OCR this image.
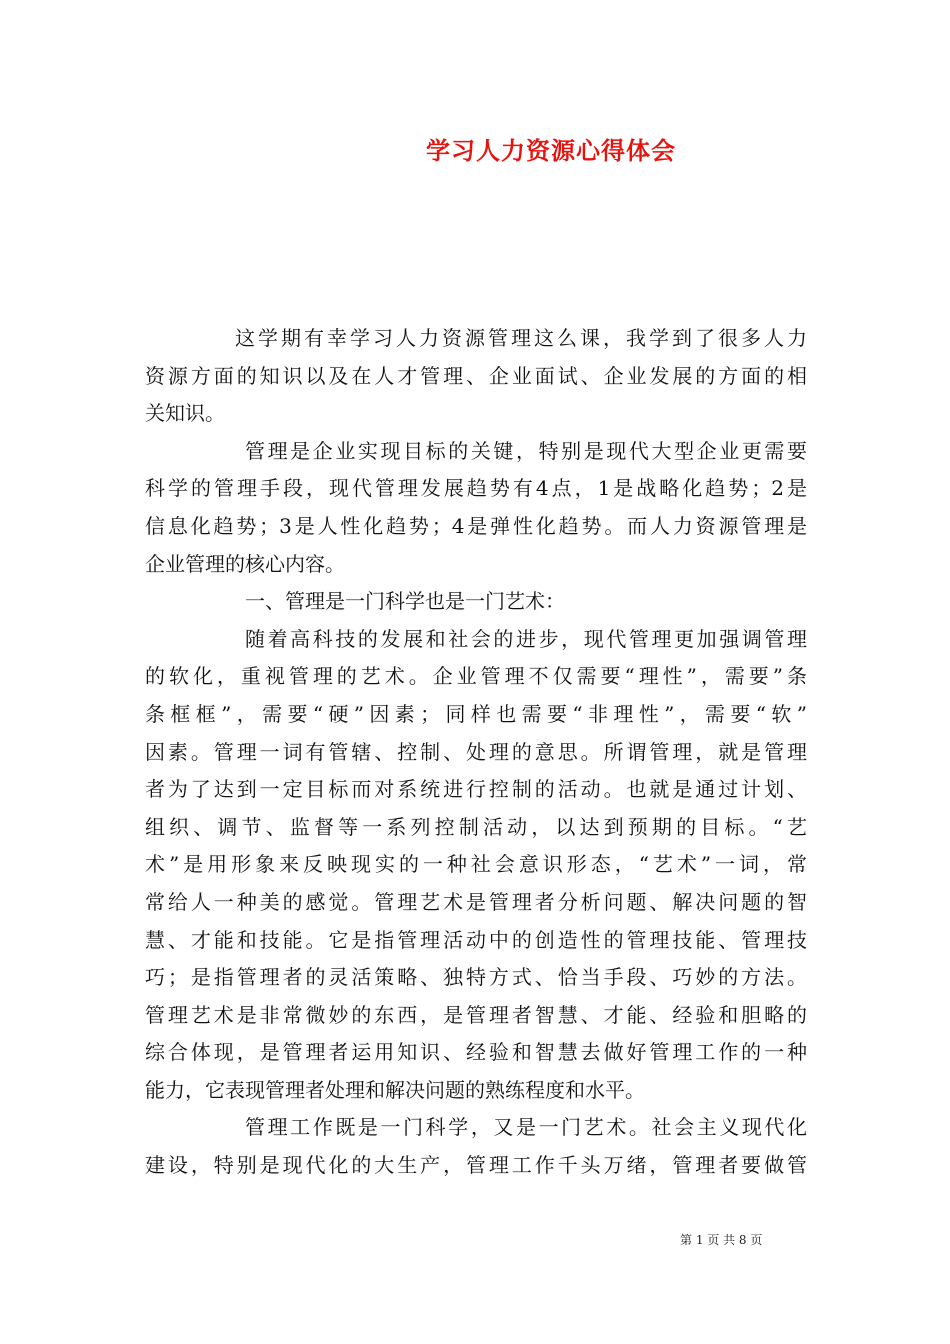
学习人力资源心得体会
这学期有幸学习人力资源管理这么课，我学到了很多人力
资源方面的知识以及在人才管理、企业面试、企业发展的方面的相
关知识。
管理是企业实现目标的关键，特别是现代大型企业更需要
科学的管理手段，现代管理发展趋势有4点，1是战略化趋势；2是
信息化趋势；3是人性化趋势；4是弹性化趋势。而人力资源管理是
企业管理的核心内容。
一、管理是一门科学也是一门艺术：
随着高科技的发展和社会的进步，现代管理更加强调管理
的软化，重视管理的艺术。企业管理不仅需要“理性”，需要”条
条框框”，需要“硬”因素；同样也需要“非理性”，需要“软”
因素。管理一词有管辖、控制、处理的意思。所谓管理，就是管理
者为了达到一定目标而对系统进行控制的活动。也就是通过计划、
组织、调节、监督等一系列控制活动，以达到预期的目标。“艺
术”是用形象来反映现实的一种社会意识形态，“艺术”一词，常
常给人一种美的感觉。管理艺术是管理者分析问题、解决问题的智
慧、才能和技能。它是指管理活动中的创造性的管理技能、管理技
巧；是指管理者的灵活策略、独特方式、恰当手段、巧妙的方法。
管理艺术是非常微妙的东西，是管理者智慧、才能、经验和胆略的
综合体现，是管理者运用知识、经验和智慧去做好管理工作的一种
能力，它表现管理者处理和解决问题的熟练程度和水平。
管理工作既是一门科学，又是一门艺术。社会主义现代化
建设，特别是现代化的大生产，管理工作千头万绪，管理者要做管
第 1 页 共 8 页
